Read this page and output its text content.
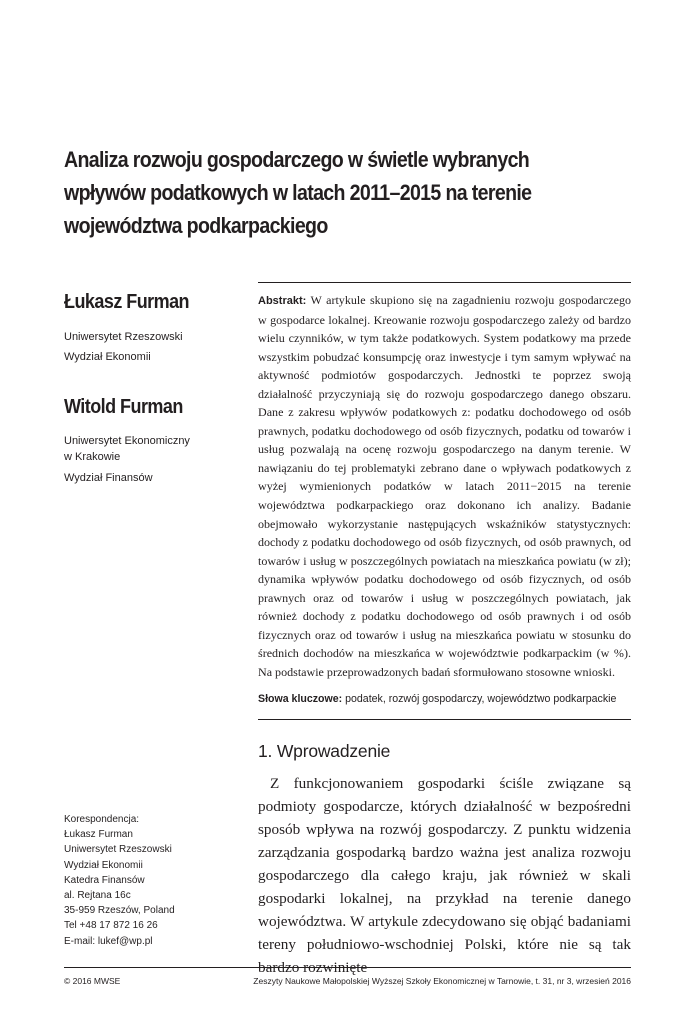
Analiza rozwoju gospodarczego w świetle wybranych
wpływów podatkowych w latach 2011–2015 na terenie
województwa podkarpackiego
Łukasz Furman
Uniwersytet Rzeszowski
Wydział Ekonomii
Witold Furman
Uniwersytet Ekonomiczny
w Krakowie
Wydział Finansów

Abstrakt: W artykule skupiono się na zagadnieniu rozwoju gospodarczego w gospodarce lokalnej. Kreowanie rozwoju gospodarczego zależy od bardzo wielu czynników, w tym także podatkowych. System podatkowy ma przede wszystkim pobudzać konsumpcję oraz inwestycje i tym samym wpływać na aktywność podmiotów gospodarczych. Jednostki te poprzez swoją działalność przyczyniają się do rozwoju gospodarczego danego obszaru. Dane z zakresu wpływów podatkowych z: podatku dochodowego od osób prawnych, podatku dochodowego od osób fizycznych, podatku od towarów i usług pozwalają na ocenę rozwoju gospodarczego na danym terenie. W nawiązaniu do tej problematyki zebrano dane o wpływach podatkowych z wyżej wymienionych podatków w latach 2011−2015 na terenie województwa podkarpackiego oraz dokonano ich analizy. Badanie obejmowało wykorzystanie następujących wskaźników statystycznych: dochody z podatku dochodowego od osób fizycznych, od osób prawnych, od towarów i usług w poszczególnych powiatach na mieszkańca powiatu (w zł); dynamika wpływów podatku dochodowego od osób fizycznych, od osób prawnych oraz od towarów i usług w poszczególnych powiatach, jak również dochody z podatku dochodowego od osób prawnych i od osób fizycznych oraz od towarów i usług na mieszkańca powiatu w stosunku do średnich dochodów na mieszkańca w województwie podkarpackim (w %). Na podstawie przeprowadzonych badań sformułowano stosowne wnioski.

Słowa kluczowe: podatek, rozwój gospodarczy, województwo podkarpackie

1. Wprowadzenie

Z funkcjonowaniem gospodarki ściśle związane są podmioty gospodarcze, których działalność w bezpośredni sposób wpływa na rozwój gospodarczy. Z punktu widzenia zarządzania gospodarką bardzo ważna jest analiza rozwoju gospodarczego dla całego kraju, jak również w skali gospodarki lokalnej, na przykład na terenie danego województwa. W artykule zdecydowano się objąć badaniami tereny południowo-wschodniej Polski, które nie są tak bardzo rozwinięte

Korespondencja:
Łukasz Furman
Uniwersytet Rzeszowski
Wydział Ekonomii
Katedra Finansów
al. Rejtana 16c
35-959 Rzeszów, Poland
Tel +48 17 872 16 26
E-mail: lukef@wp.pl
© 2016 MWSE	Zeszyty Naukowe Małopolskiej Wyższej Szkoły Ekonomicznej w Tarnowie, t. 31, nr 3, wrzesień 2016
